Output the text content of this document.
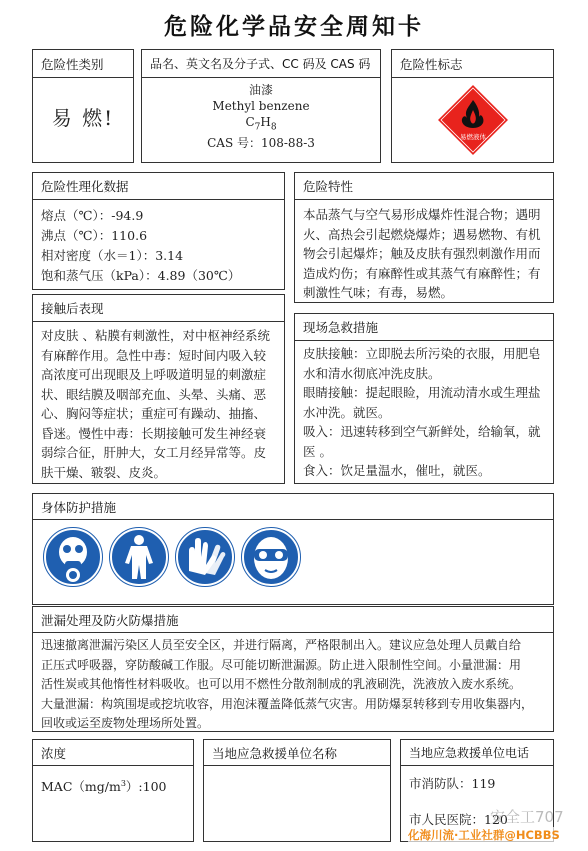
危险化学品安全周知卡
危险性类别
易 燃!
品名、英文名及分子式、CC 码及 CAS 码
油漆
Methyl benzene
$C_7H_8$
CAS 号：108-88-3
危险性标志
易燃液体
危险性理化数据
熔点（℃）：-94.9
沸点（℃）：110.6
相对密度（水＝1）：3.14
饱和蒸气压（kPa）：4.89（30℃）
危险特性
本品蒸气与空气易形成爆炸性混合物；遇明
火、高热会引起燃烧爆炸；遇易燃物、有机
物会引起爆炸；触及皮肤有强烈刺激作用而
造成灼伤；有麻醉性或其蒸气有麻醉性；有
刺激性气味；有毒，易燃。
接触后表现
对皮肤 、粘膜有刺激性，对中枢神经系统
有麻醉作用。急性中毒：短时间内吸入较
高浓度可出现眼及上呼吸道明显的刺激症
状、眼结膜及咽部充血、头晕、头痛、恶
心、胸闷等症状；重症可有躁动、抽搐、
昏迷。慢性中毒：长期接触可发生神经衰
弱综合征，肝肿大，女工月经异常等。皮
肤干燥、皲裂、皮炎。
现场急救措施
皮肤接触：立即脱去所污染的衣服，用肥皂
水和清水彻底冲洗皮肤。
眼睛接触：提起眼睑，用流动清水或生理盐
水冲洗。就医。
吸入：迅速转移到空气新鲜处，给输氧，就
医 。
食入：饮足量温水，催吐，就医。
身体防护措施
泄漏处理及防火防爆措施
迅速撤离泄漏污染区人员至安全区，并进行隔离，严格限制出入。建议应急处理人员戴自给
正压式呼吸器，穿防酸碱工作服。尽可能切断泄漏源。防止进入限制性空间。小量泄漏：用
活性炭或其他惰性材料吸收。也可以用不燃性分散剂制成的乳液刷洗，洗液放入废水系统。
大量泄漏：构筑围堤或挖坑收容，用泡沫覆盖降低蒸气灾害。用防爆泵转移到专用收集器内，
回收或运至废物处理场所处置。
浓度
$MAC(mg/m^3):100$
当地应急救援单位名称	当地应急救援单位电话
市消防队：119
市人民医院：120
安全工707
化海川流·工业社群@HCBBS
